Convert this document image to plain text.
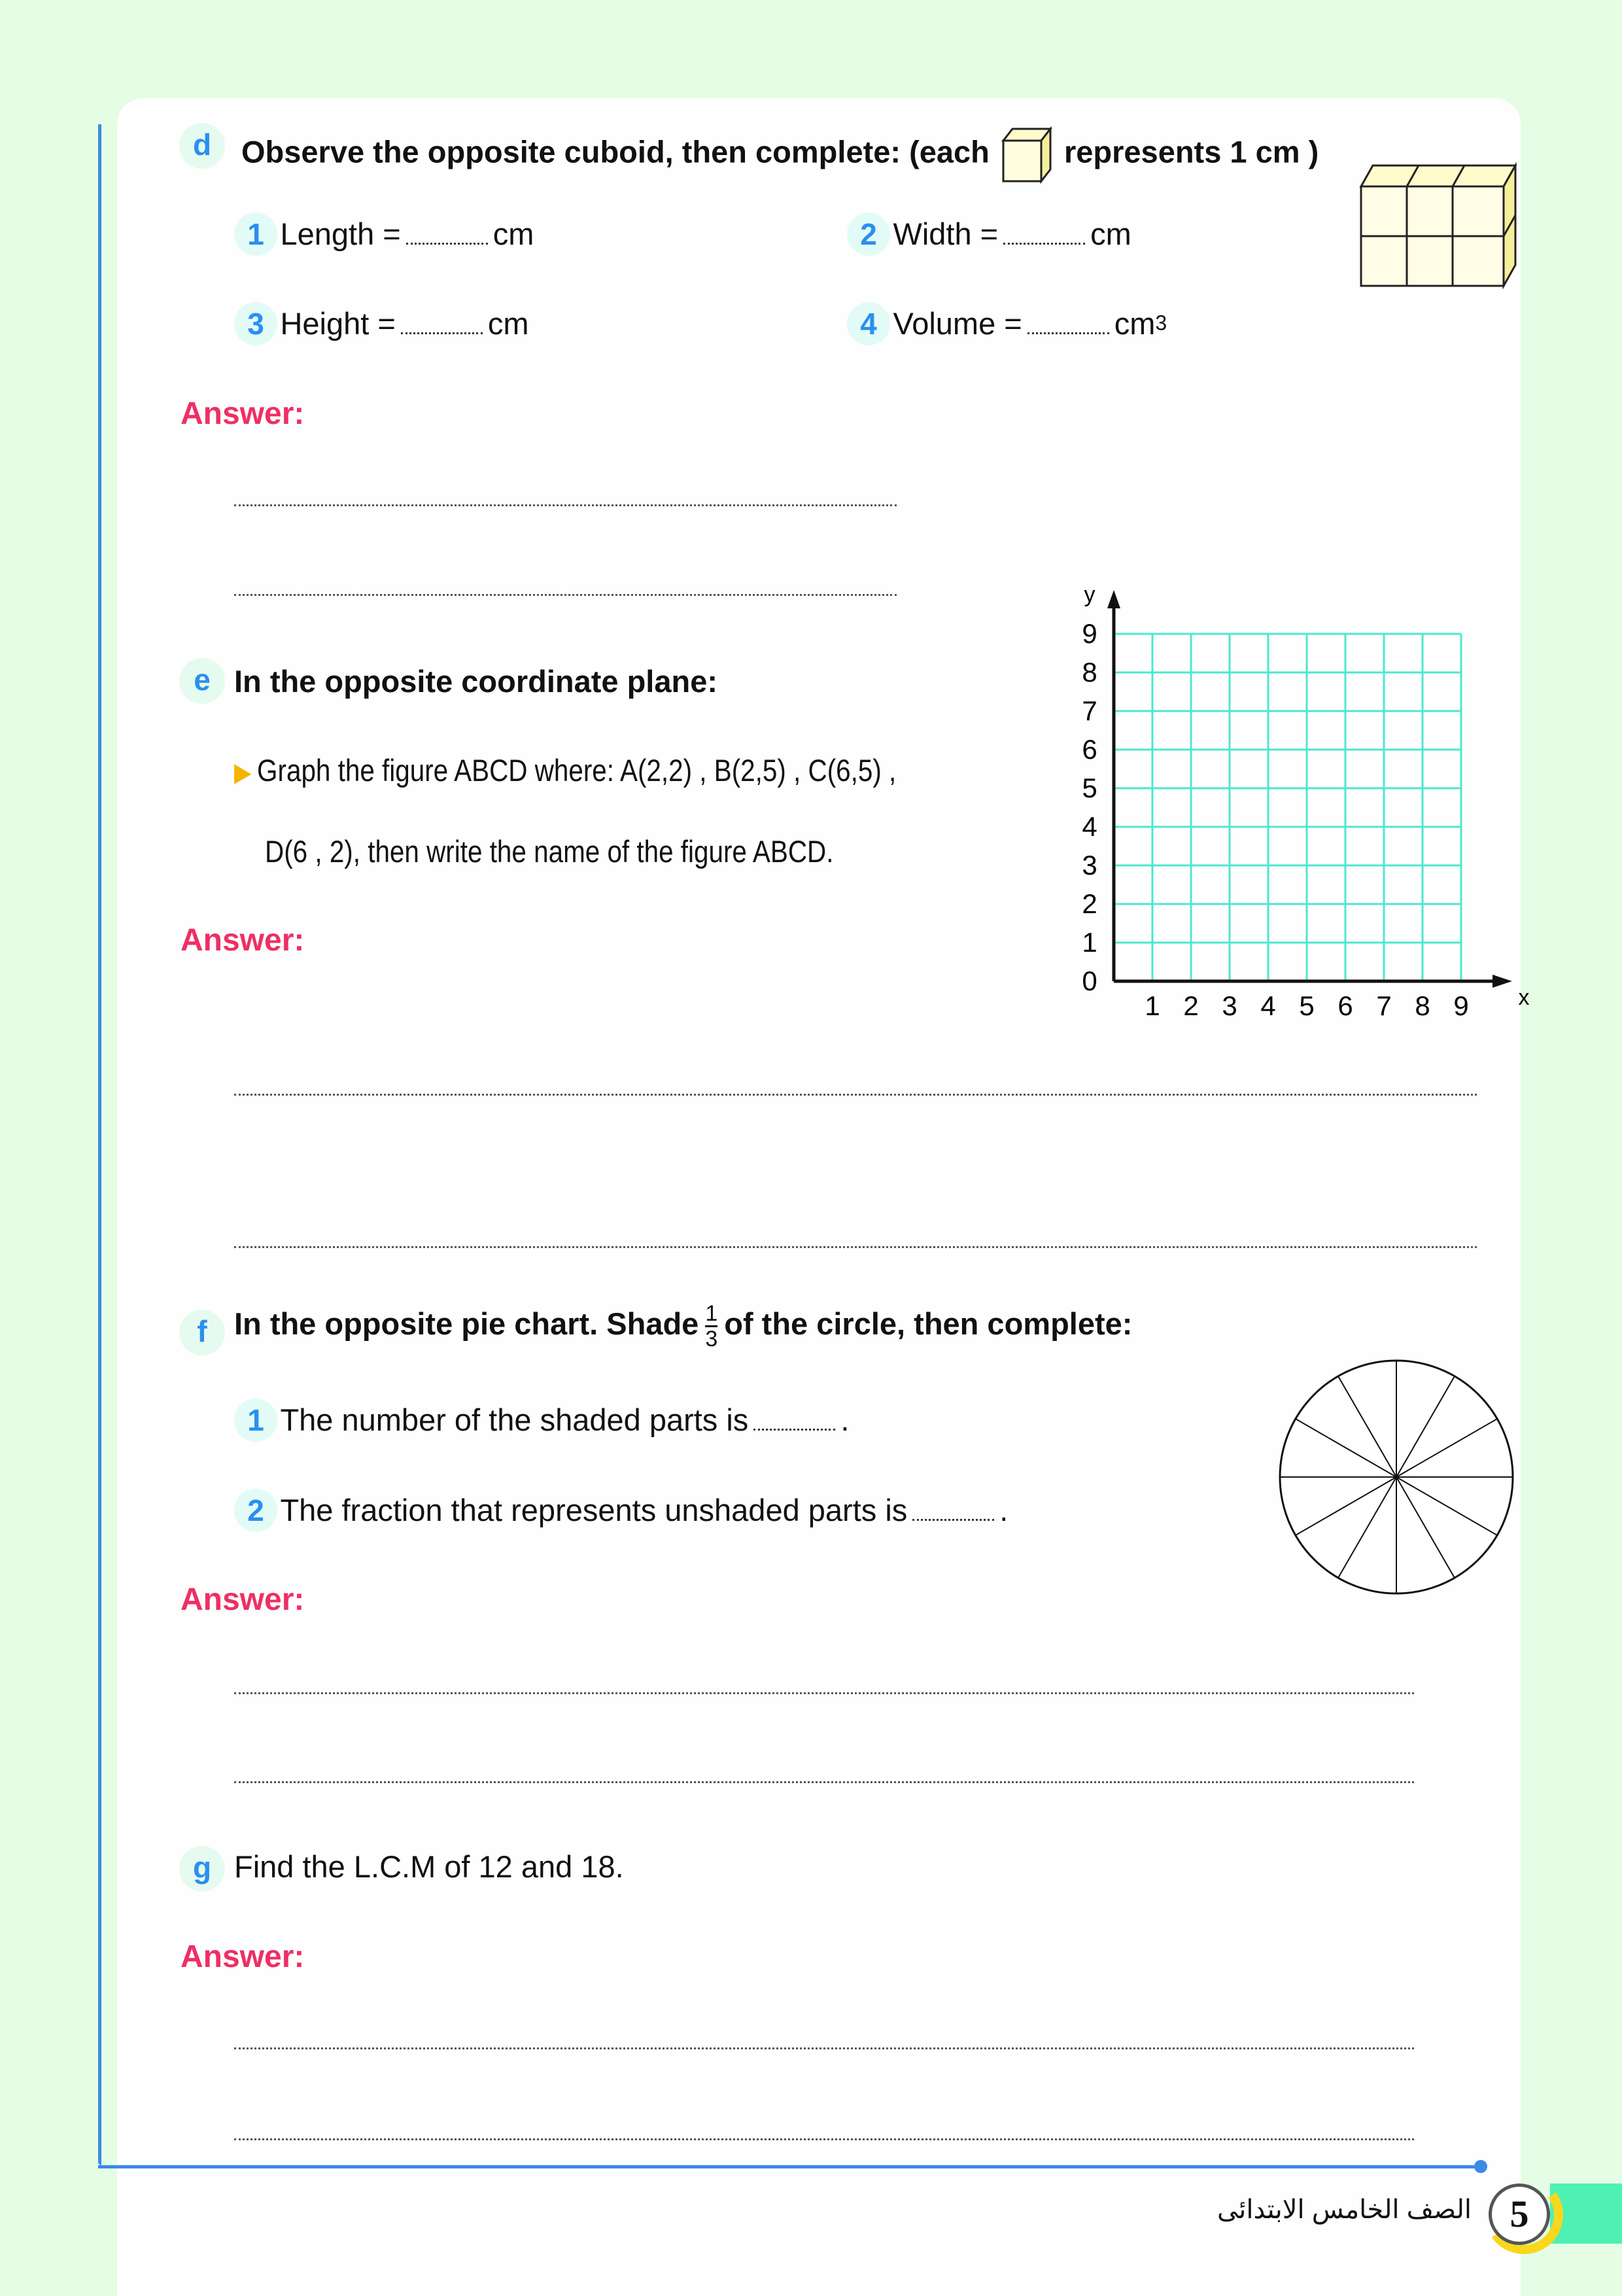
d Observe the opposite cuboid, then complete: (each represents 1 cm )
1 Length =	cm	2 Width =	cm
3 Height =	cm	4 Volume =	$cm^3$
Answer:
e In the opposite coordinate plane:
▶ Graph the figure ABCD where: A(2,2) , B(2,5) , C(6,5) ,
D(6 , 2), then write the name of the figure ABCD.
Answer:
1 2 3 4 5 6 7 8 9
0
1
2
3
4
5
6
7
8
9
y
x
f In the opposite pie chart. Shade $\frac{1}{3}$ of the circle, then complete:
1 The number of the shaded parts is	.
2 The fraction that represents unshaded parts is	.
Answer:
g Find the L.C.M of 12 and 18.
Answer:
5
الصف الخامس الابتدائى
